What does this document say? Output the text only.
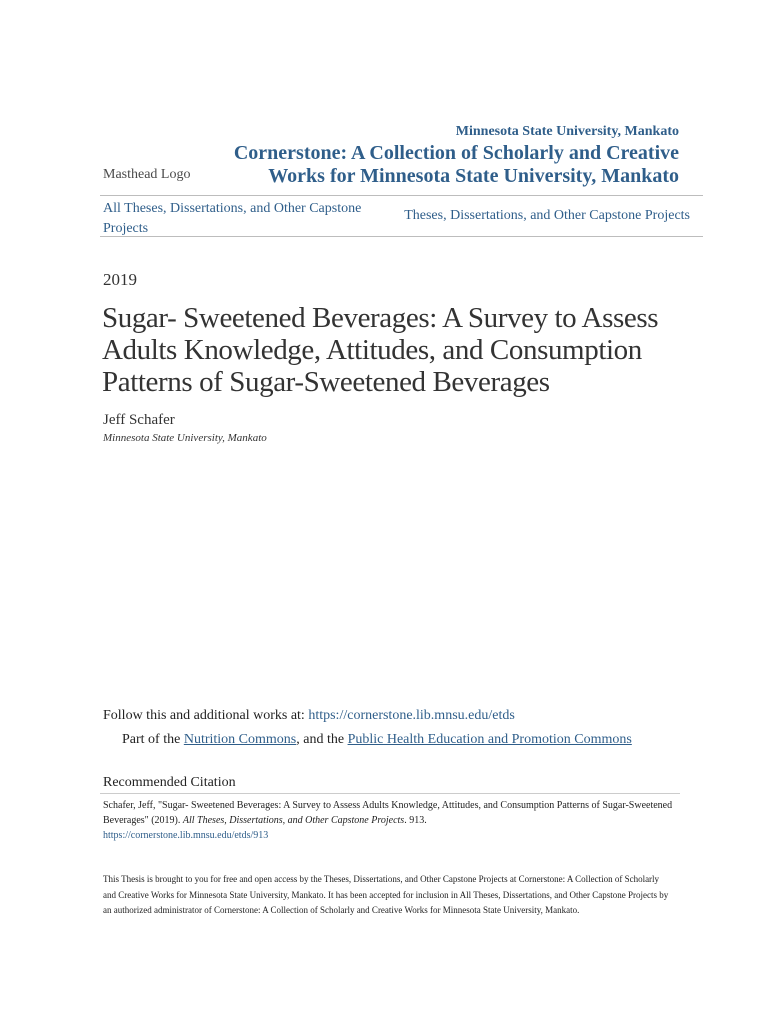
Masthead Logo
Minnesota State University, Mankato
Cornerstone: A Collection of Scholarly and Creative Works for Minnesota State University, Mankato
All Theses, Dissertations, and Other Capstone Projects
Theses, Dissertations, and Other Capstone Projects
2019
Sugar- Sweetened Beverages: A Survey to Assess Adults Knowledge, Attitudes, and Consumption Patterns of Sugar-Sweetened Beverages
Jeff Schafer
Minnesota State University, Mankato
Follow this and additional works at: https://cornerstone.lib.mnsu.edu/etds
Part of the Nutrition Commons, and the Public Health Education and Promotion Commons
Recommended Citation
Schafer, Jeff, "Sugar- Sweetened Beverages: A Survey to Assess Adults Knowledge, Attitudes, and Consumption Patterns of Sugar-Sweetened Beverages" (2019). All Theses, Dissertations, and Other Capstone Projects. 913.
https://cornerstone.lib.mnsu.edu/etds/913
This Thesis is brought to you for free and open access by the Theses, Dissertations, and Other Capstone Projects at Cornerstone: A Collection of Scholarly and Creative Works for Minnesota State University, Mankato. It has been accepted for inclusion in All Theses, Dissertations, and Other Capstone Projects by an authorized administrator of Cornerstone: A Collection of Scholarly and Creative Works for Minnesota State University, Mankato.
